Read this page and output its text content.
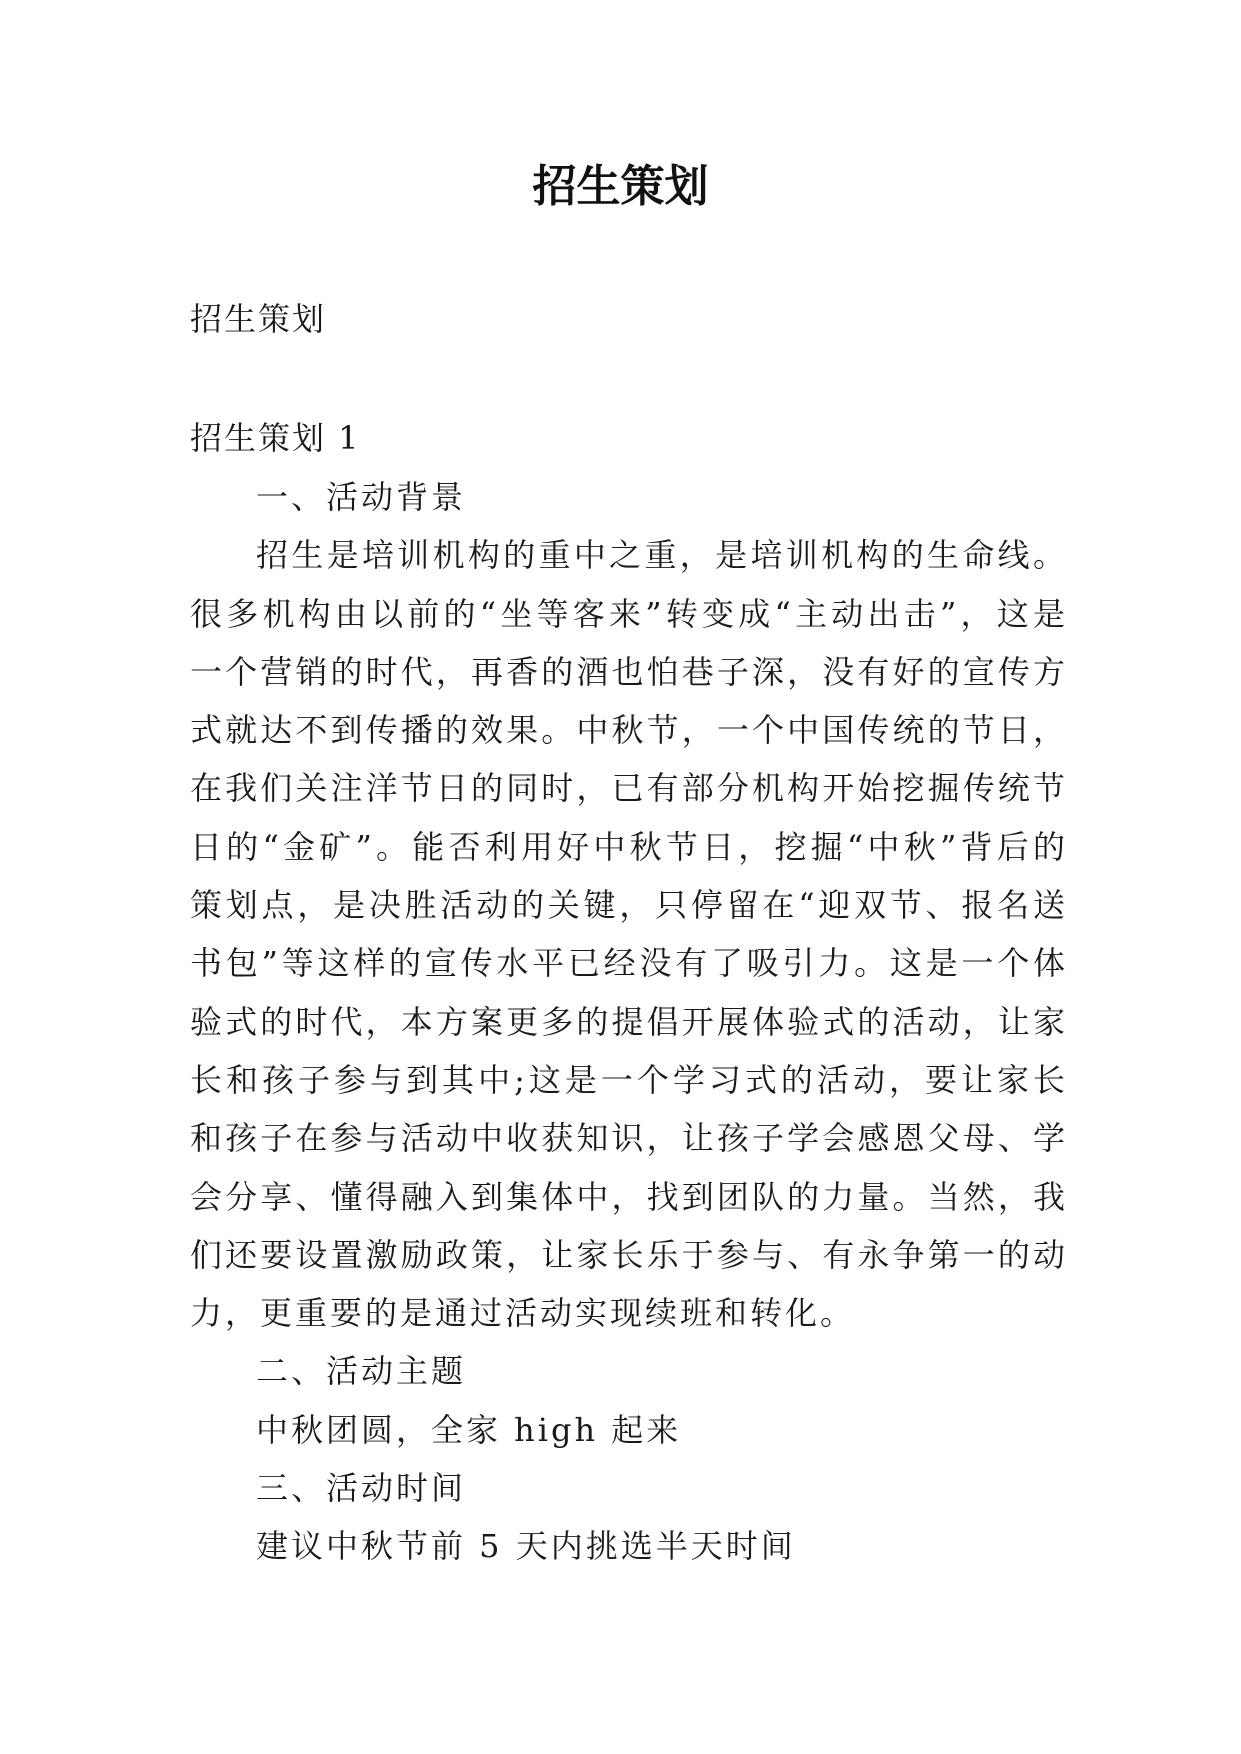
招生策划
招生策划
招生策划 1

一、活动背景

招生是培训机构的重中之重，是培训机构的生命线。很多机构由以前的“坐等客来”转变成“主动出击”，这是一个营销的时代，再香的酒也怕巷子深，没有好的宣传方式就达不到传播的效果。中秋节，一个中国传统的节日，在我们关注洋节日的同时，已有部分机构开始挖掘传统节日的“金矿”。能否利用好中秋节日，挖掘“中秋”背后的策划点，是决胜活动的关键，只停留在“迎双节、报名送书包”等这样的宣传水平已经没有了吸引力。这是一个体验式的时代，本方案更多的提倡开展体验式的活动，让家长和孩子参与到其中;这是一个学习式的活动，要让家长和孩子在参与活动中收获知识，让孩子学会感恩父母、学会分享、懂得融入到集体中，找到团队的力量。当然，我们还要设置激励政策，让家长乐于参与、有永争第一的动力，更重要的是通过活动实现续班和转化。

二、活动主题

中秋团圆，全家 high 起来

三、活动时间

建议中秋节前 5 天内挑选半天时间
